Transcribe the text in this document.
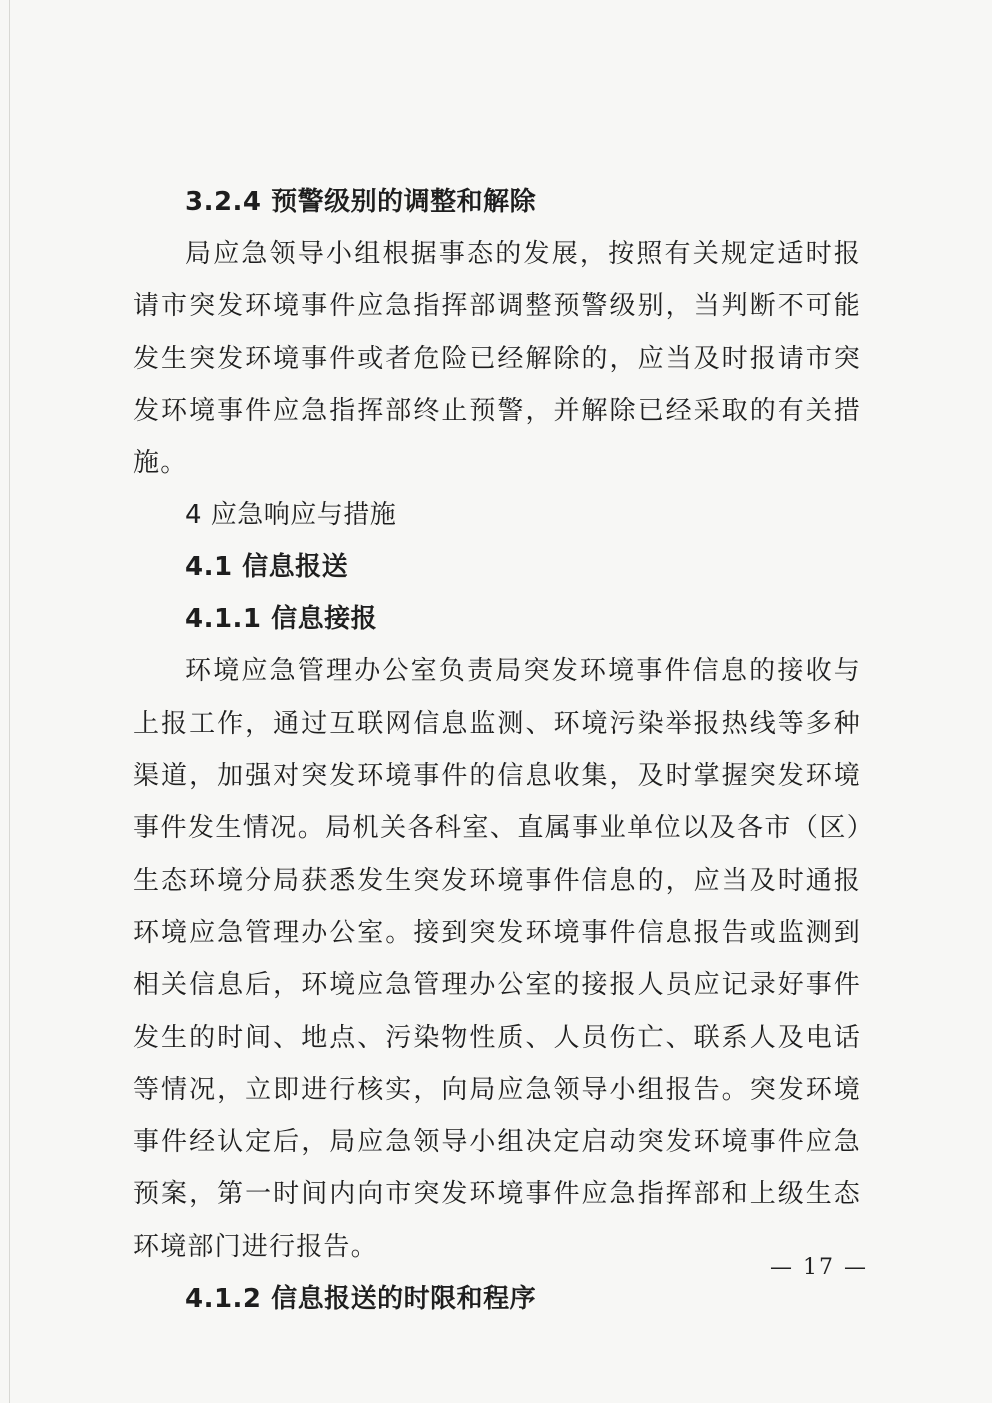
3.2.4 预警级别的调整和解除

局应急领导小组根据事态的发展，按照有关规定适时报请市突发环境事件应急指挥部调整预警级别，当判断不可能发生突发环境事件或者危险已经解除的，应当及时报请市突发环境事件应急指挥部终止预警，并解除已经采取的有关措施。

4 应急响应与措施

4.1 信息报送

4.1.1 信息接报

环境应急管理办公室负责局突发环境事件信息的接收与上报工作，通过互联网信息监测、环境污染举报热线等多种渠道，加强对突发环境事件的信息收集，及时掌握突发环境事件发生情况。局机关各科室、直属事业单位以及各市（区）生态环境分局获悉发生突发环境事件信息的，应当及时通报环境应急管理办公室。接到突发环境事件信息报告或监测到相关信息后，环境应急管理办公室的接报人员应记录好事件发生的时间、地点、污染物性质、人员伤亡、联系人及电话等情况，立即进行核实，向局应急领导小组报告。突发环境事件经认定后，局应急领导小组决定启动突发环境事件应急预案，第一时间内向市突发环境事件应急指挥部和上级生态环境部门进行报告。

4.1.2 信息报送的时限和程序

— 17 —
